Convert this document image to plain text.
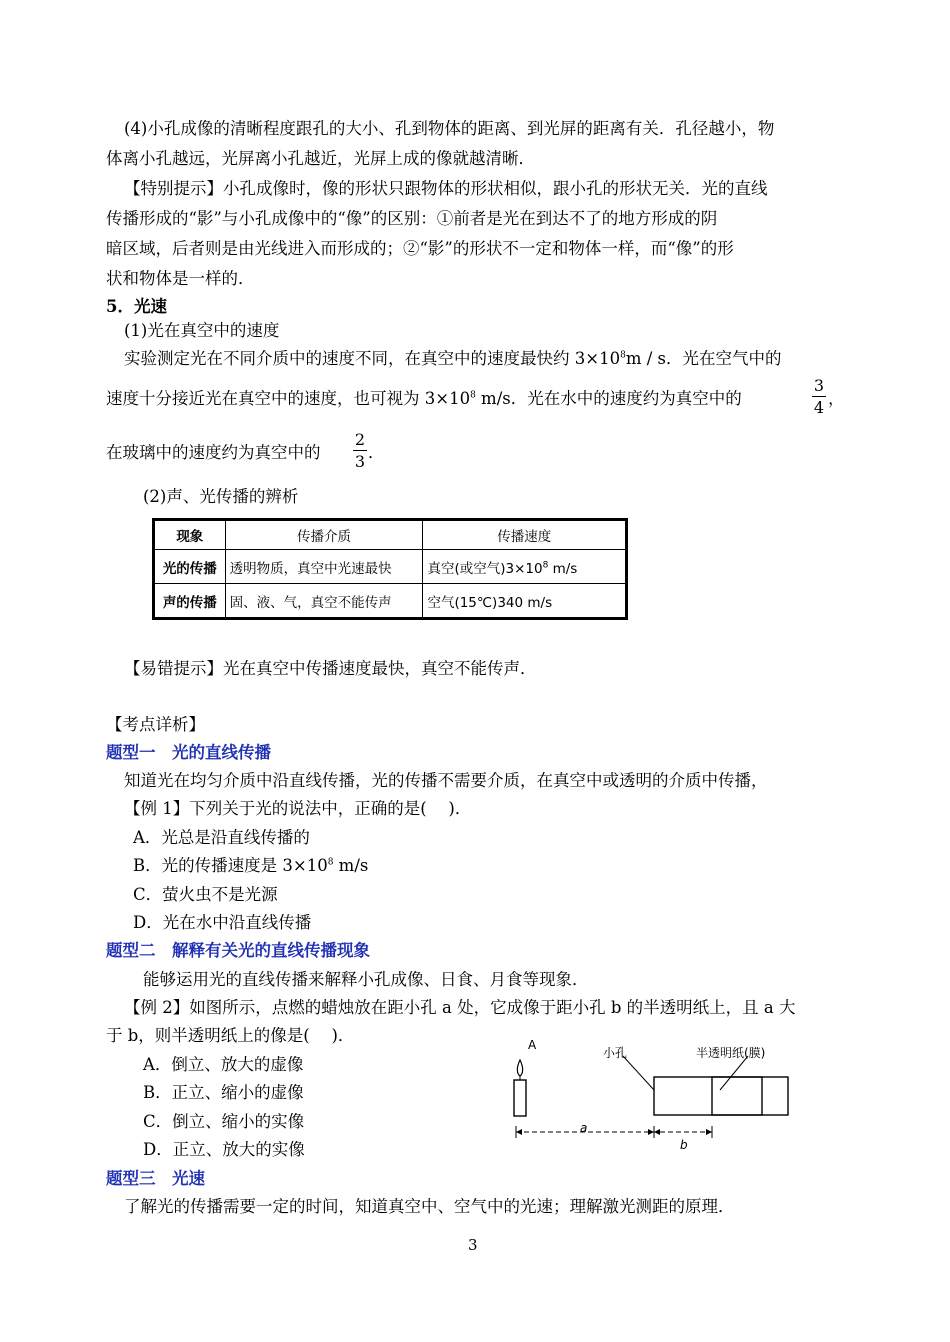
(4)小孔成像的清晰程度跟孔的大小、孔到物体的距离、到光屏的距离有关．孔径越小，物
体离小孔越远，光屏离小孔越近，光屏上成的像就越清晰．
【特别提示】小孔成像时，像的形状只跟物体的形状相似，跟小孔的形状无关．光的直线
传播形成的“影”与小孔成像中的“像”的区别：①前者是光在到达不了的地方形成的阴
暗区域，后者则是由光线进入而形成的；②“影”的形状不一定和物体一样，而“像”的形
状和物体是一样的．
5．光速
(1)光在真空中的速度
实验测定光在不同介质中的速度不同，在真空中的速度最快约 $3\times 10^8m / s$．光在空气中的
速度十分接近光在真空中的速度，也可视为 $3\times 10^8$ m/s．光在水中的速度约为真空中的
3
4 ，
在玻璃中的速度约为真空中的
2
3 ．
(2)声、光传播的辨析
现象	传播介质	传播速度
光的传播	透明物质，真空中光速最快	真空(或空气)$3\times 10^8$ m/s
声的传播	固、液、气，真空不能传声	空气(15℃)340 m/s
【易错提示】光在真空中传播速度最快，真空不能传声．
【考点详析】
题型一　光的直线传播
知道光在均匀介质中沿直线传播，光的传播不需要介质，在真空中或透明的介质中传播，
【例 1】下列关于光的说法中，正确的是(　 )．
A．光总是沿直线传播的
B．光的传播速度是 $3\times 10^8$ m/s
C．萤火虫不是光源
D．光在水中沿直线传播
题型二　解释有关光的直线传播现象
能够运用光的直线传播来解释小孔成像、日食、月食等现象．
【例 2】如图所示，点燃的蜡烛放在距小孔 a 处，它成像于距小孔 b 的半透明纸上，且 a 大
于 b，则半透明纸上的像是(　 )．
A．倒立、放大的虚像
B．正立、缩小的虚像
C．倒立、缩小的实像
D．正立、放大的实像
A
小孔	半透明纸(膜)
a
b
题型三　光速
了解光的传播需要一定的时间，知道真空中、空气中的光速；理解激光测距的原理．
3
